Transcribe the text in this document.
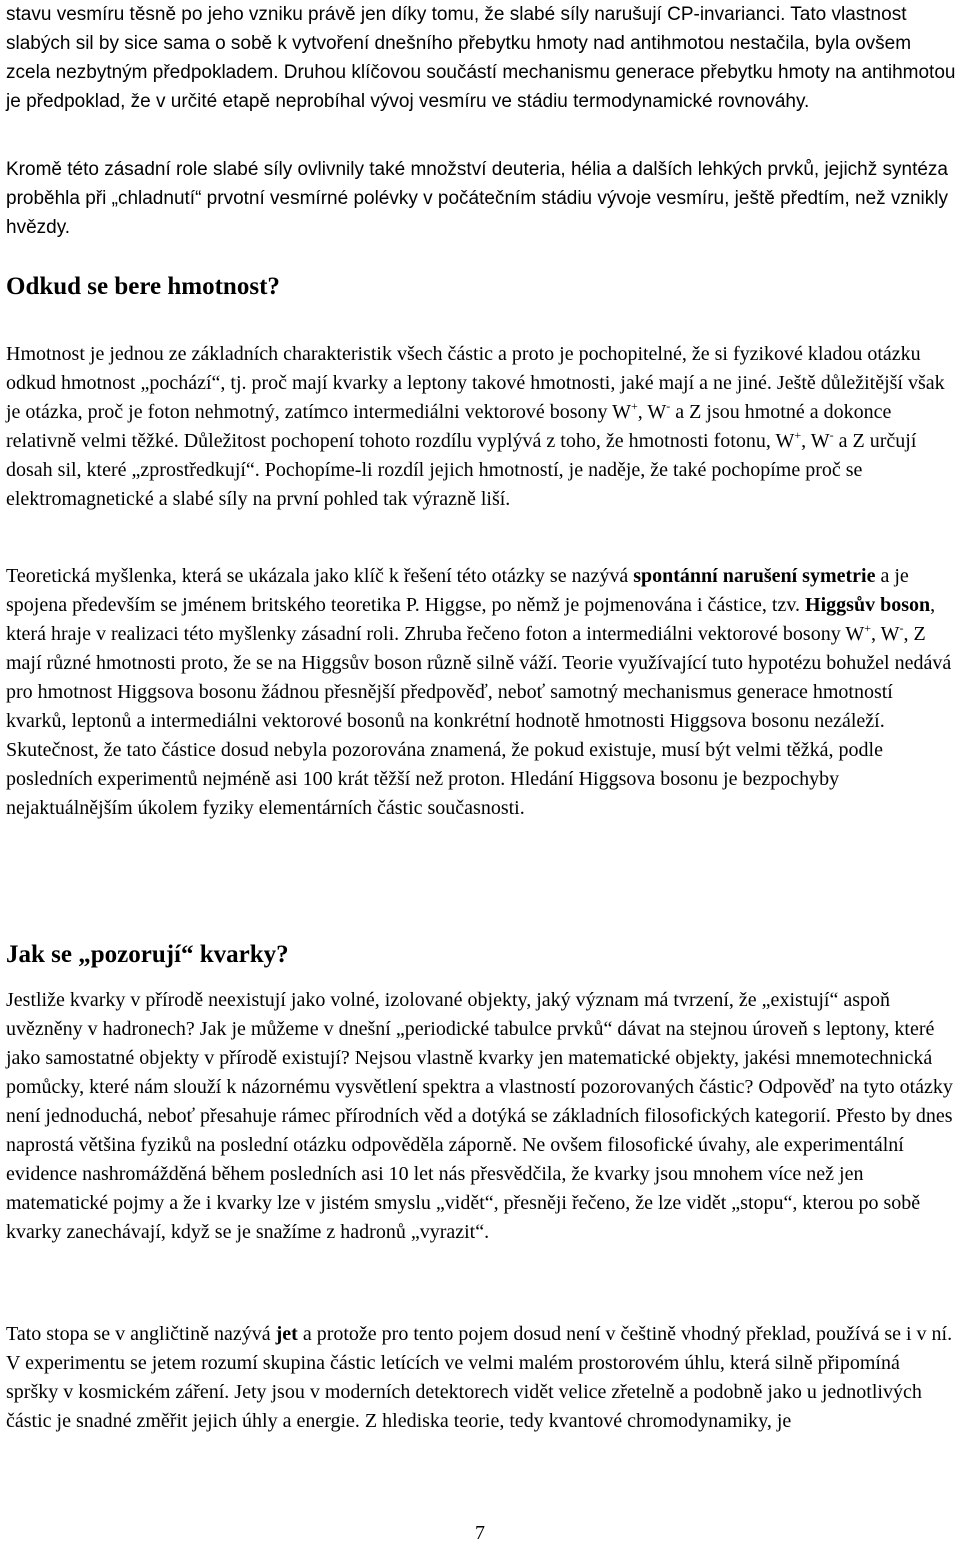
stavu vesmíru těsně po jeho vzniku právě jen díky tomu, že slabé síly narušují CP-invarianci. Tato vlastnost slabých sil by sice sama o sobě k vytvoření dnešního přebytku hmoty nad antihmotou nestačila, byla ovšem zcela nezbytným předpokladem. Druhou klíčovou součástí mechanismu generace přebytku hmoty na antihmotou je předpoklad, že v určité etapě neprobíhal vývoj vesmíru ve stádiu termodynamické rovnováhy.

Kromě této zásadní role slabé síly ovlivnily také množství deuteria, hélia a dalších lehkých prvků, jejichž syntéza proběhla při „chladnutí“ prvotní vesmírné polévky v počátečním stádiu vývoje vesmíru, ještě předtím, než vznikly hvězdy.

Odkud se bere hmotnost?

Hmotnost je jednou ze základních charakteristik všech částic a proto je pochopitelné, že si fyzikové kladou otázku odkud hmotnost „pochází“, tj. proč mají kvarky a leptony takové hmotnosti, jaké mají a ne jiné. Ještě důležitější však je otázka, proč je foton nehmotný, zatímco intermediálni vektorové bosony W+, W- a Z jsou hmotné a dokonce relativně velmi těžké. Důležitost pochopení tohoto rozdílu vyplývá z toho, že hmotnosti fotonu, W+, W- a Z určují dosah sil, které „zprostředkují“. Pochopíme-li rozdíl jejich hmotností, je naděje, že také pochopíme proč se elektromagnetické a slabé síly na první pohled tak výrazně liší.

Teoretická myšlenka, která se ukázala jako klíč k řešení této otázky se nazývá spontánní narušení symetrie a je spojena především se jménem britského teoretika P. Higgse, po němž je pojmenována i částice, tzv. Higgsův boson, která hraje v realizaci této myšlenky zásadní roli. Zhruba řečeno foton a intermediálni vektorové bosony W+, W-, Z mají různé hmotnosti proto, že se na Higgsův boson různě silně váží. Teorie využívající tuto hypotézu bohužel nedává pro hmotnost Higgsova bosonu žádnou přesnější předpověď, neboť samotný mechanismus generace hmotností kvarků, leptonů a intermediálni vektorové bosonů na konkrétní hodnotě hmotnosti Higgsova bosonu nezáleží. Skutečnost, že tato částice dosud nebyla pozorována znamená, že pokud existuje, musí být velmi těžká, podle posledních experimentů nejméně asi 100 krát těžší než proton. Hledání Higgsova bosonu je bezpochyby nejaktuálnějším úkolem fyziky elementárních částic současnosti.

Jak se „pozorují“ kvarky?

Jestliže kvarky v přírodě neexistují jako volné, izolované objekty, jaký význam má tvrzení, že „existují“ aspoň uvězněny v hadronech? Jak je můžeme v dnešní „periodické tabulce prvků“ dávat na stejnou úroveň s leptony, které jako samostatné objekty v přírodě existují? Nejsou vlastně kvarky jen matematické objekty, jakési mnemotechnická pomůcky, které nám slouží k názornému vysvětlení spektra a vlastností pozorovaných částic? Odpověď na tyto otázky není jednoduchá, neboť přesahuje rámec přírodních věd a dotýká se základních filosofických kategorií. Přesto by dnes naprostá většina fyziků na poslední otázku odpověděla záporně. Ne ovšem filosofické úvahy, ale experimentální evidence nashromážděná během posledních asi 10 let nás přesvědčila, že kvarky jsou mnohem více než jen matematické pojmy a že i kvarky lze v jistém smyslu „vidět“, přesněji řečeno, že lze vidět „stopu“, kterou po sobě kvarky zanechávají, když se je snažíme z hadronů „vyrazit“.

Tato stopa se v angličtině nazývá jet a protože pro tento pojem dosud není v češtině vhodný překlad, používá se i v ní. V experimentu se jetem rozumí skupina částic letících ve velmi malém prostorovém úhlu, která silně připomíná spršky v kosmickém záření. Jety jsou v moderních detektorech vidět velice zřetelně a podobně jako u jednotlivých částic je snadné změřit jejich úhly a energie. Z hlediska teorie, tedy kvantové chromodynamiky, je

7
